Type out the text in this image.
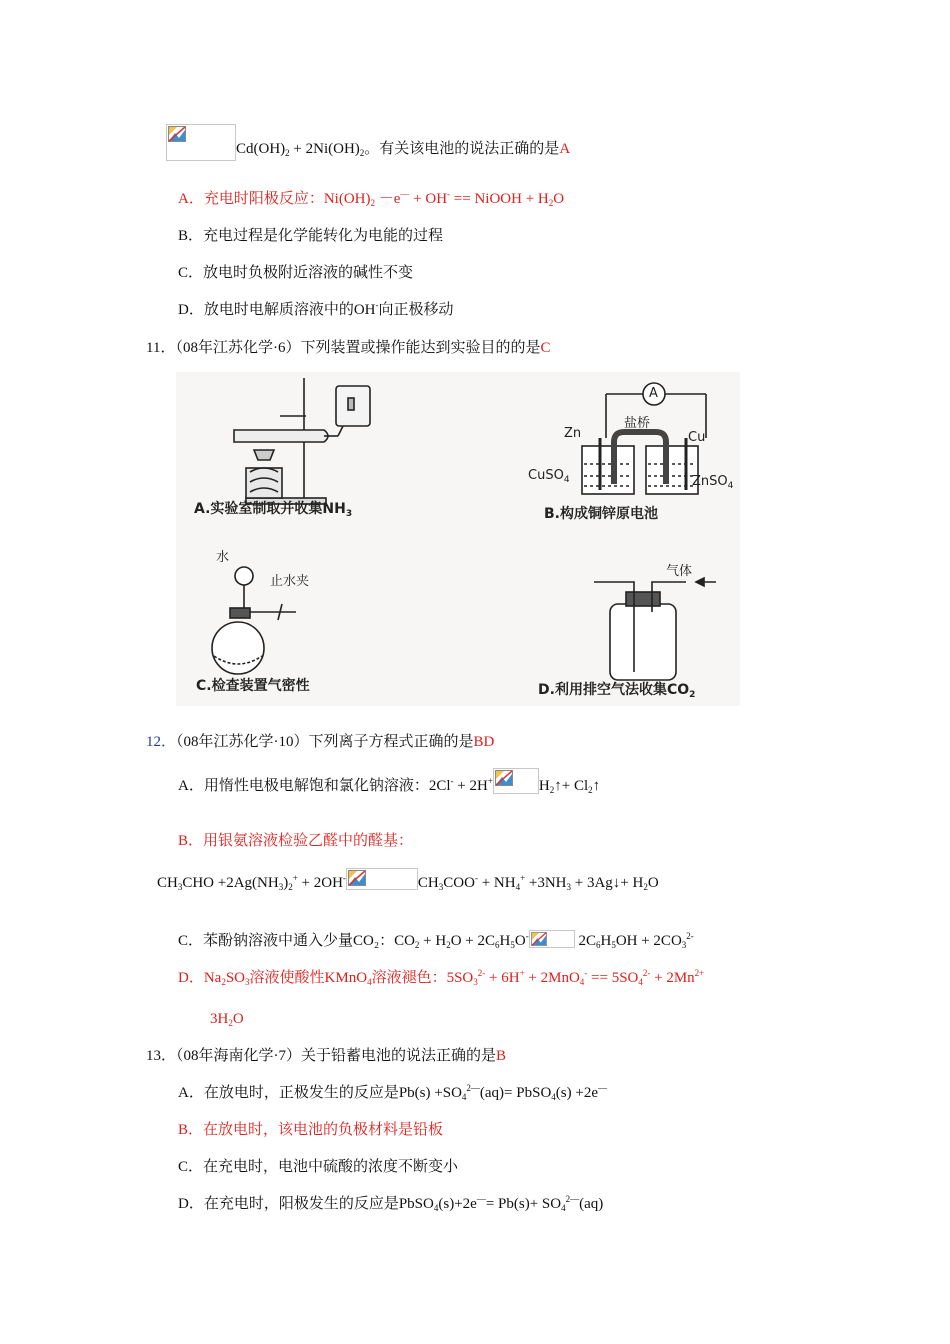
$Cd(OH)_2 + 2Ni(OH)_2$。有关该电池的说法正确的是A
A．充电时阳极反应：$Ni(OH)_2 -e^— + OH^-$ == NiOOH + $H_2O$
B．充电过程是化学能转化为电能的过程
C．放电时负极附近溶液的碱性不变
D．放电时电解质溶液中的OH-向正极移动
11．（08年江苏化学·6）下列装置或操作能达到实验目的的是C
A.实验室制取并收集$NH_3$	B.构成铜锌原电池
C.检查装置气密性	D.利用排空气法收集$CO_2$
A
盐桥
Zn	Cu
CuSO$_4$	ZnSO$_4$
水
止水夹
气体
12．（08年江苏化学·10）下列离子方程式正确的是BD
A．用惰性电极电解饱和氯化钠溶液：2Cl- + 2H+	$H_2↑+$ $Cl_2↑$
B．用银氨溶液检验乙醛中的醛基：
$CH_3CHO +2Ag(NH_3)_2^+ + 2OH^-$	$CH_3COO^- + NH_4^+ +3NH_3$ + 3Ag↓+ $H_2O$
C．苯酚钠溶液中通入少量CO₂：$CO_2 + H_2O + 2C_6H_5O^-$	$2C_6H_5OH + 2CO_3^{2-}$
D．$Na_2SO_3$溶液使酸性KMnO$_4$溶液褪色：$5SO_3^{2-} + 6H^+ + 2MnO_4^- == 5SO_4^{2-} + 2Mn^{2+}$
$3H_2O$
13．（08年海南化学·7）关于铅蓄电池的说法正确的是B
A．在放电时，正极发生的反应是$Pb(s) +SO_4^{2—}(aq)=$ PbSO$_4$(s) +2e—
B．在放电时，该电池的负极材料是铅板
C．在充电时，电池中硫酸的浓度不断变小
D．在充电时，阳极发生的反应是PbSO$_4$(s)+2e—= $Pb(s)+ SO_4^{2—}(aq)$
